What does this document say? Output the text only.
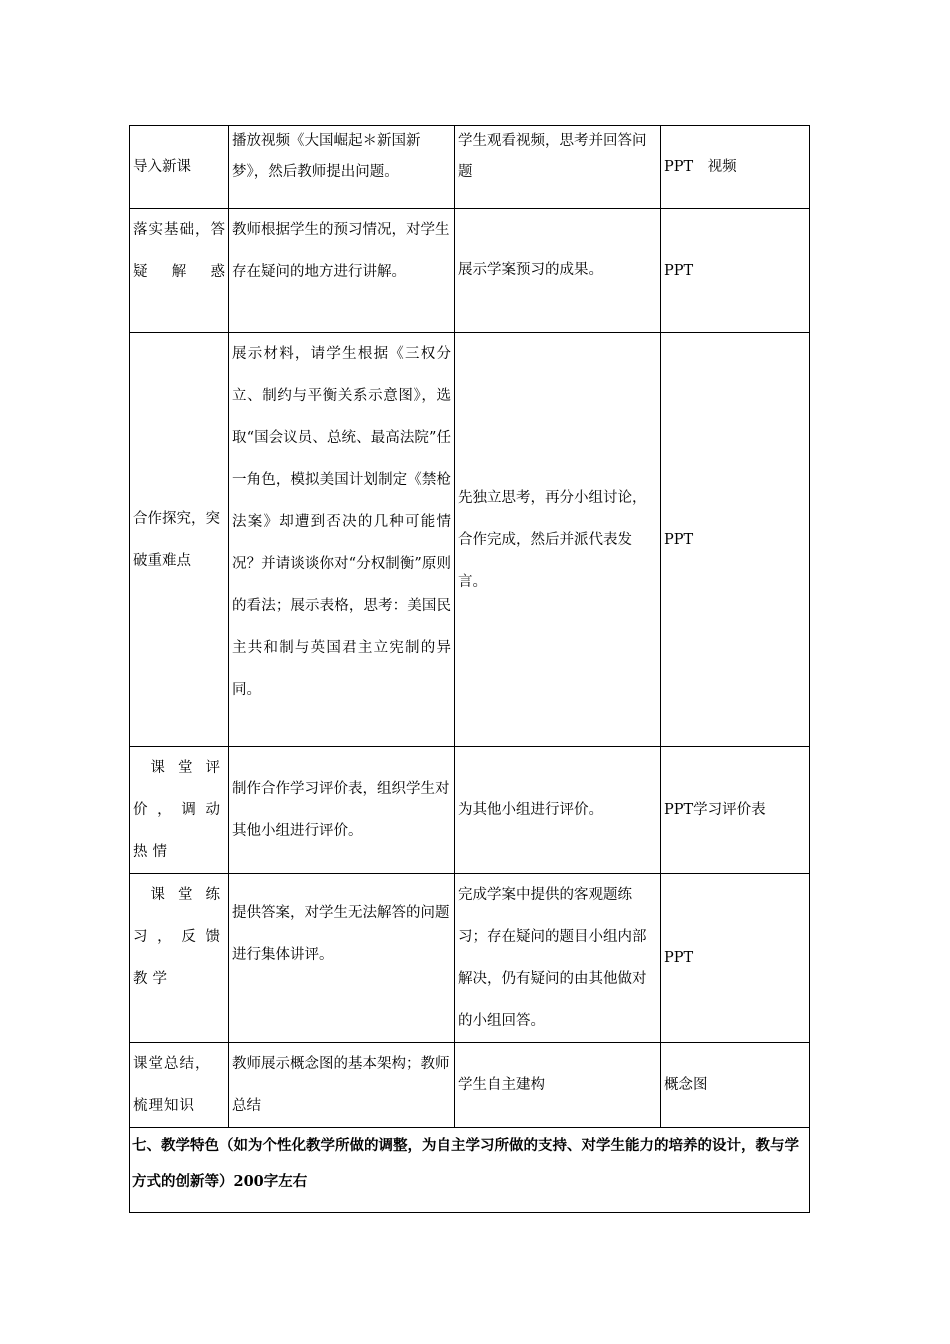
导入新课	播放视频《大国崛起＊新国新梦》，然后教师提出问题。	学生观看视频，思考并回答问题	PPT　视频
落实基础，答疑解惑	教师根据学生的预习情况，对学生存在疑问的地方进行讲解。	展示学案预习的成果。	PPT
合作探究，突破重难点	展示材料，请学生根据《三权分立、制约与平衡关系示意图》，选取“国会议员、总统、最高法院”任一角色，模拟美国计划制定《禁枪法案》却遭到否决的几种可能情况？并请谈谈你对“分权制衡”原则的看法；展示表格，思考：美国民主共和制与英国君主立宪制的异同。	先独立思考，再分小组讨论，合作完成，然后并派代表发言。	PPT

课堂评价，调动热情	制作合作学习评价表，组织学生对其他小组进行评价。	为其他小组进行评价。	PPT学习评价表

课堂练习，反馈教学	提供答案，对学生无法解答的问题进行集体讲评。	完成学案中提供的客观题练习；存在疑问的题目小组内部解决，仍有疑问的由其他做对的小组回答。	PPT
课堂总结，梳理知识	教师展示概念图的基本架构；教师总结	学生自主建构	概念图
七、教学特色（如为个性化教学所做的调整，为自主学习所做的支持、对学生能力的培养的设计，教与学方式的创新等）200字左右			
